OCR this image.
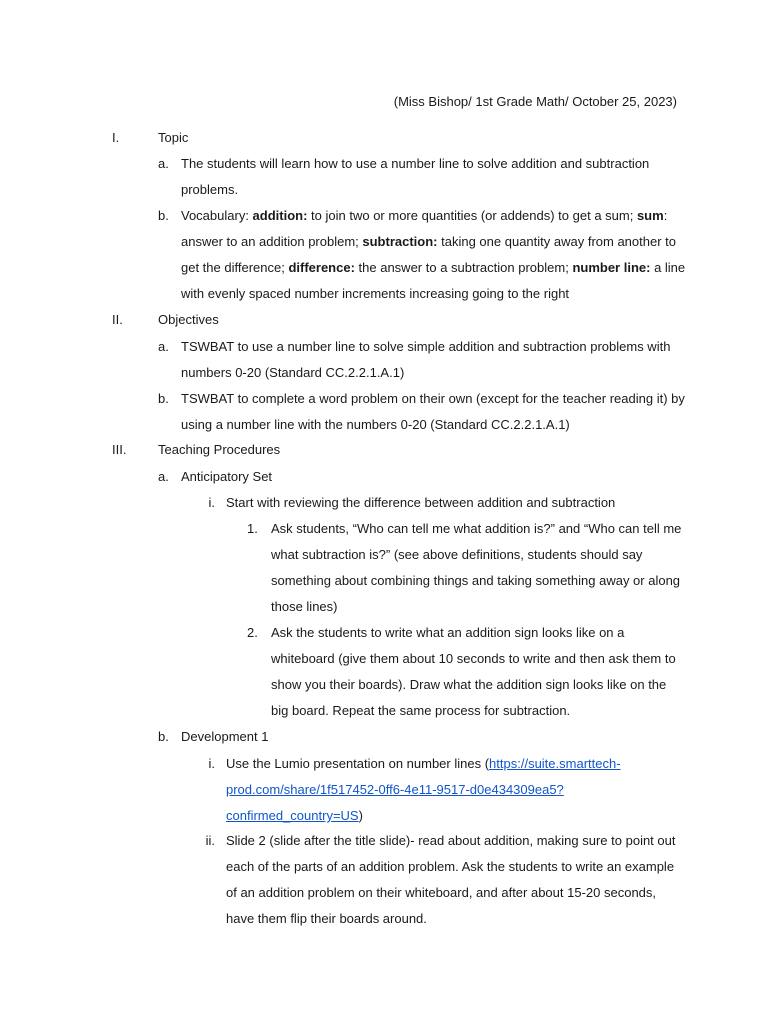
(Miss Bishop/ 1st Grade Math/ October 25, 2023)
I.	Topic
a. The students will learn how to use a number line to solve addition and subtraction
problems.
b. Vocabulary: addition: to join two or more quantities (or addends) to get a sum; sum:
answer to an addition problem; subtraction: taking one quantity away from another to
get the difference; difference: the answer to a subtraction problem; number line: a line
with evenly spaced number increments increasing going to the right
II.	Objectives
a. TSWBAT to use a number line to solve simple addition and subtraction problems with
numbers 0-20 (Standard CC.2.2.1.A.1)
b. TSWBAT to complete a word problem on their own (except for the teacher reading it) by
using a number line with the numbers 0-20 (Standard CC.2.2.1.A.1)
III. Teaching Procedures
a. Anticipatory Set
i. Start with reviewing the difference between addition and subtraction
1. Ask students, “Who can tell me what addition is?” and “Who can tell me
what subtraction is?” (see above definitions, students should say
something about combining things and taking something away or along
those lines)
2. Ask the students to write what an addition sign looks like on a
whiteboard (give them about 10 seconds to write and then ask them to
show you their boards). Draw what the addition sign looks like on the
big board. Repeat the same process for subtraction.
b. Development 1
i. Use the Lumio presentation on number lines (https://suite.smarttech-
prod.com/share/1f517452-0ff6-4e11-9517-d0e434309ea5?
confirmed_country=US)
ii. Slide 2 (slide after the title slide)- read about addition, making sure to point out
each of the parts of an addition problem. Ask the students to write an example
of an addition problem on their whiteboard, and after about 15-20 seconds,
have them flip their boards around.
